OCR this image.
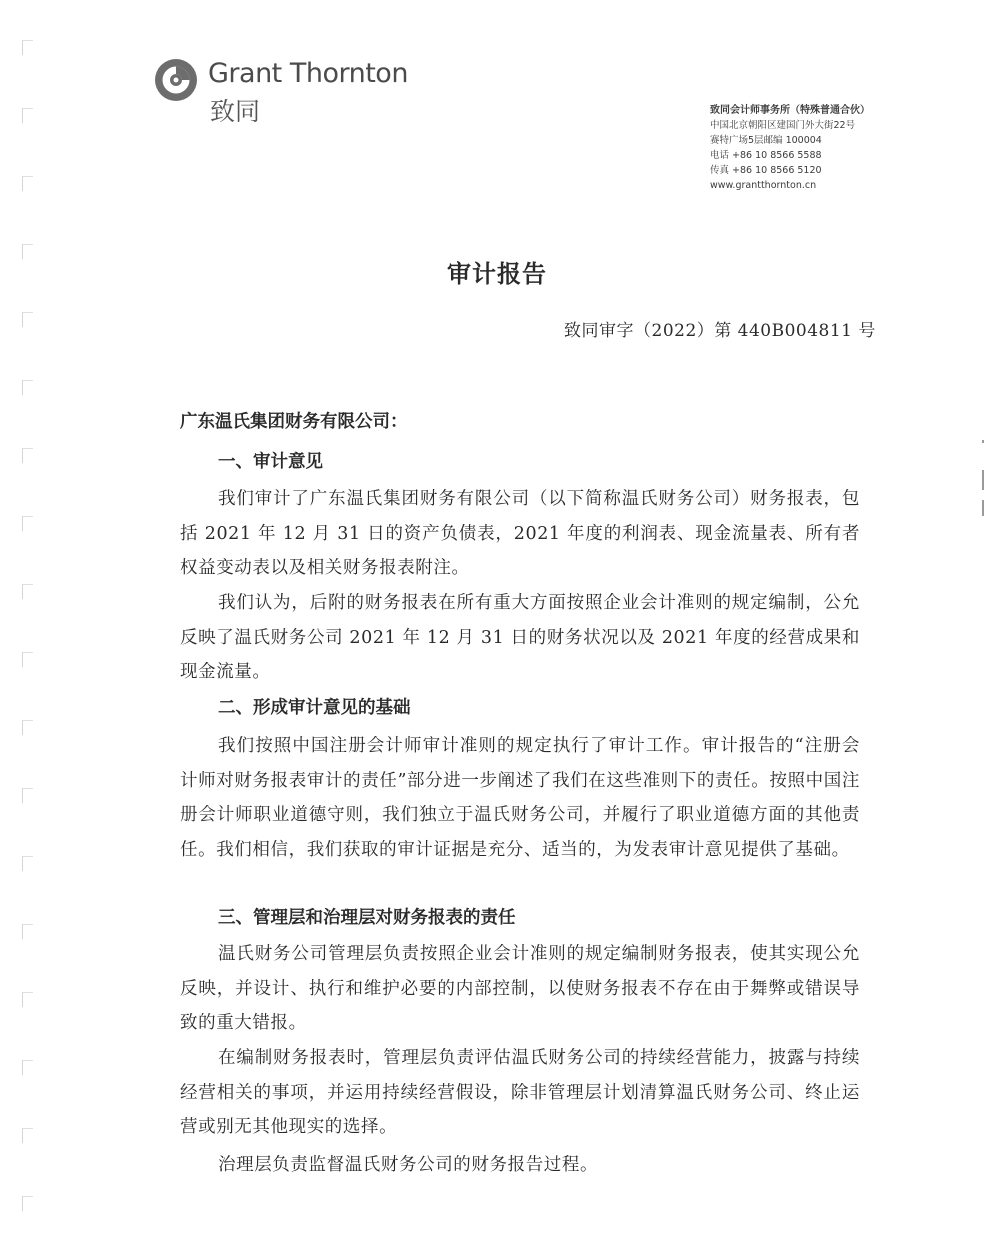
Grant Thornton
致同	致同会计师事务所（特殊普通合伙）
中国北京朝阳区建国门外大街22号
赛特广场5层邮编 100004
电话 +86 10 8566 5588
传真 +86 10 8566 5120
www.grantthornton.cn
审计报告
致同审字（2022）第 440B004811 号
广东温氏集团财务有限公司：
一、审计意见
我们审计了广东温氏集团财务有限公司（以下简称温氏财务公司）财务报表，包括 2021 年 12 月 31 日的资产负债表，2021 年度的利润表、现金流量表、所有者权益变动表以及相关财务报表附注。
我们认为，后附的财务报表在所有重大方面按照企业会计准则的规定编制，公允反映了温氏财务公司 2021 年 12 月 31 日的财务状况以及 2021 年度的经营成果和现金流量。
二、形成审计意见的基础
我们按照中国注册会计师审计准则的规定执行了审计工作。审计报告的“注册会计师对财务报表审计的责任”部分进一步阐述了我们在这些准则下的责任。按照中国注册会计师职业道德守则，我们独立于温氏财务公司，并履行了职业道德方面的其他责任。我们相信，我们获取的审计证据是充分、适当的，为发表审计意见提供了基础。
三、管理层和治理层对财务报表的责任
温氏财务公司管理层负责按照企业会计准则的规定编制财务报表，使其实现公允反映，并设计、执行和维护必要的内部控制，以使财务报表不存在由于舞弊或错误导致的重大错报。
在编制财务报表时，管理层负责评估温氏财务公司的持续经营能力，披露与持续经营相关的事项，并运用持续经营假设，除非管理层计划清算温氏财务公司、终止运营或别无其他现实的选择。
治理层负责监督温氏财务公司的财务报告过程。
